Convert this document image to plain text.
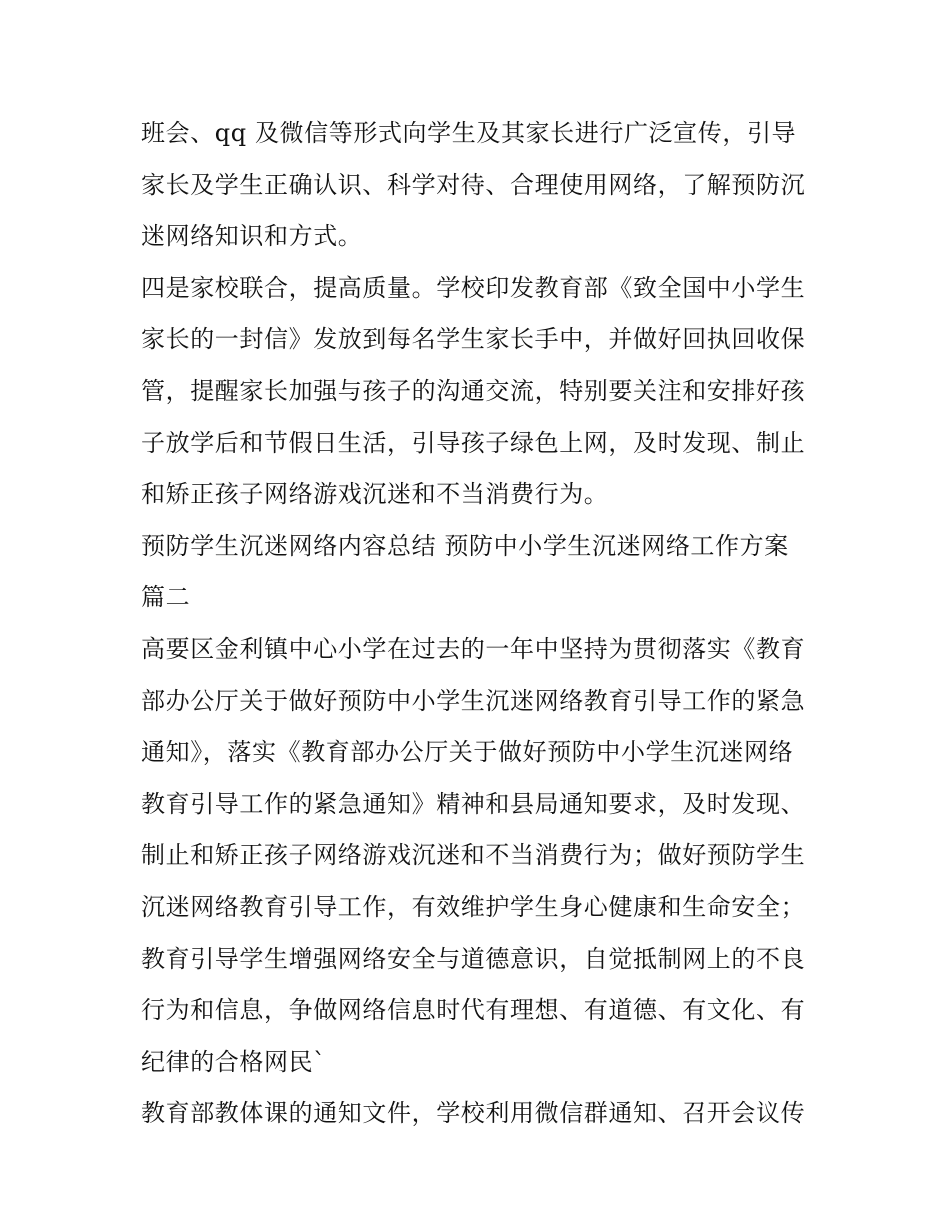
班会、qq 及微信等形式向学生及其家长进行广泛宣传，引导
家长及学生正确认识、科学对待、合理使用网络，了解预防沉
迷网络知识和方式。
四是家校联合，提高质量。学校印发教育部《致全国中小学生
家长的一封信》发放到每名学生家长手中，并做好回执回收保
管，提醒家长加强与孩子的沟通交流，特别要关注和安排好孩
子放学后和节假日生活，引导孩子绿色上网，及时发现、制止
和矫正孩子网络游戏沉迷和不当消费行为。
预防学生沉迷网络内容总结 预防中小学生沉迷网络工作方案
篇二
高要区金利镇中心小学在过去的一年中坚持为贯彻落实《教育
部办公厅关于做好预防中小学生沉迷网络教育引导工作的紧急
通知》，落实《教育部办公厅关于做好预防中小学生沉迷网络
教育引导工作的紧急通知》精神和县局通知要求，及时发现、
制止和矫正孩子网络游戏沉迷和不当消费行为；做好预防学生
沉迷网络教育引导工作，有效维护学生身心健康和生命安全；
教育引导学生增强网络安全与道德意识，自觉抵制网上的不良
行为和信息，争做网络信息时代有理想、有道德、有文化、有
纪律的合格网民`
教育部教体课的通知文件，学校利用微信群通知、召开会议传
